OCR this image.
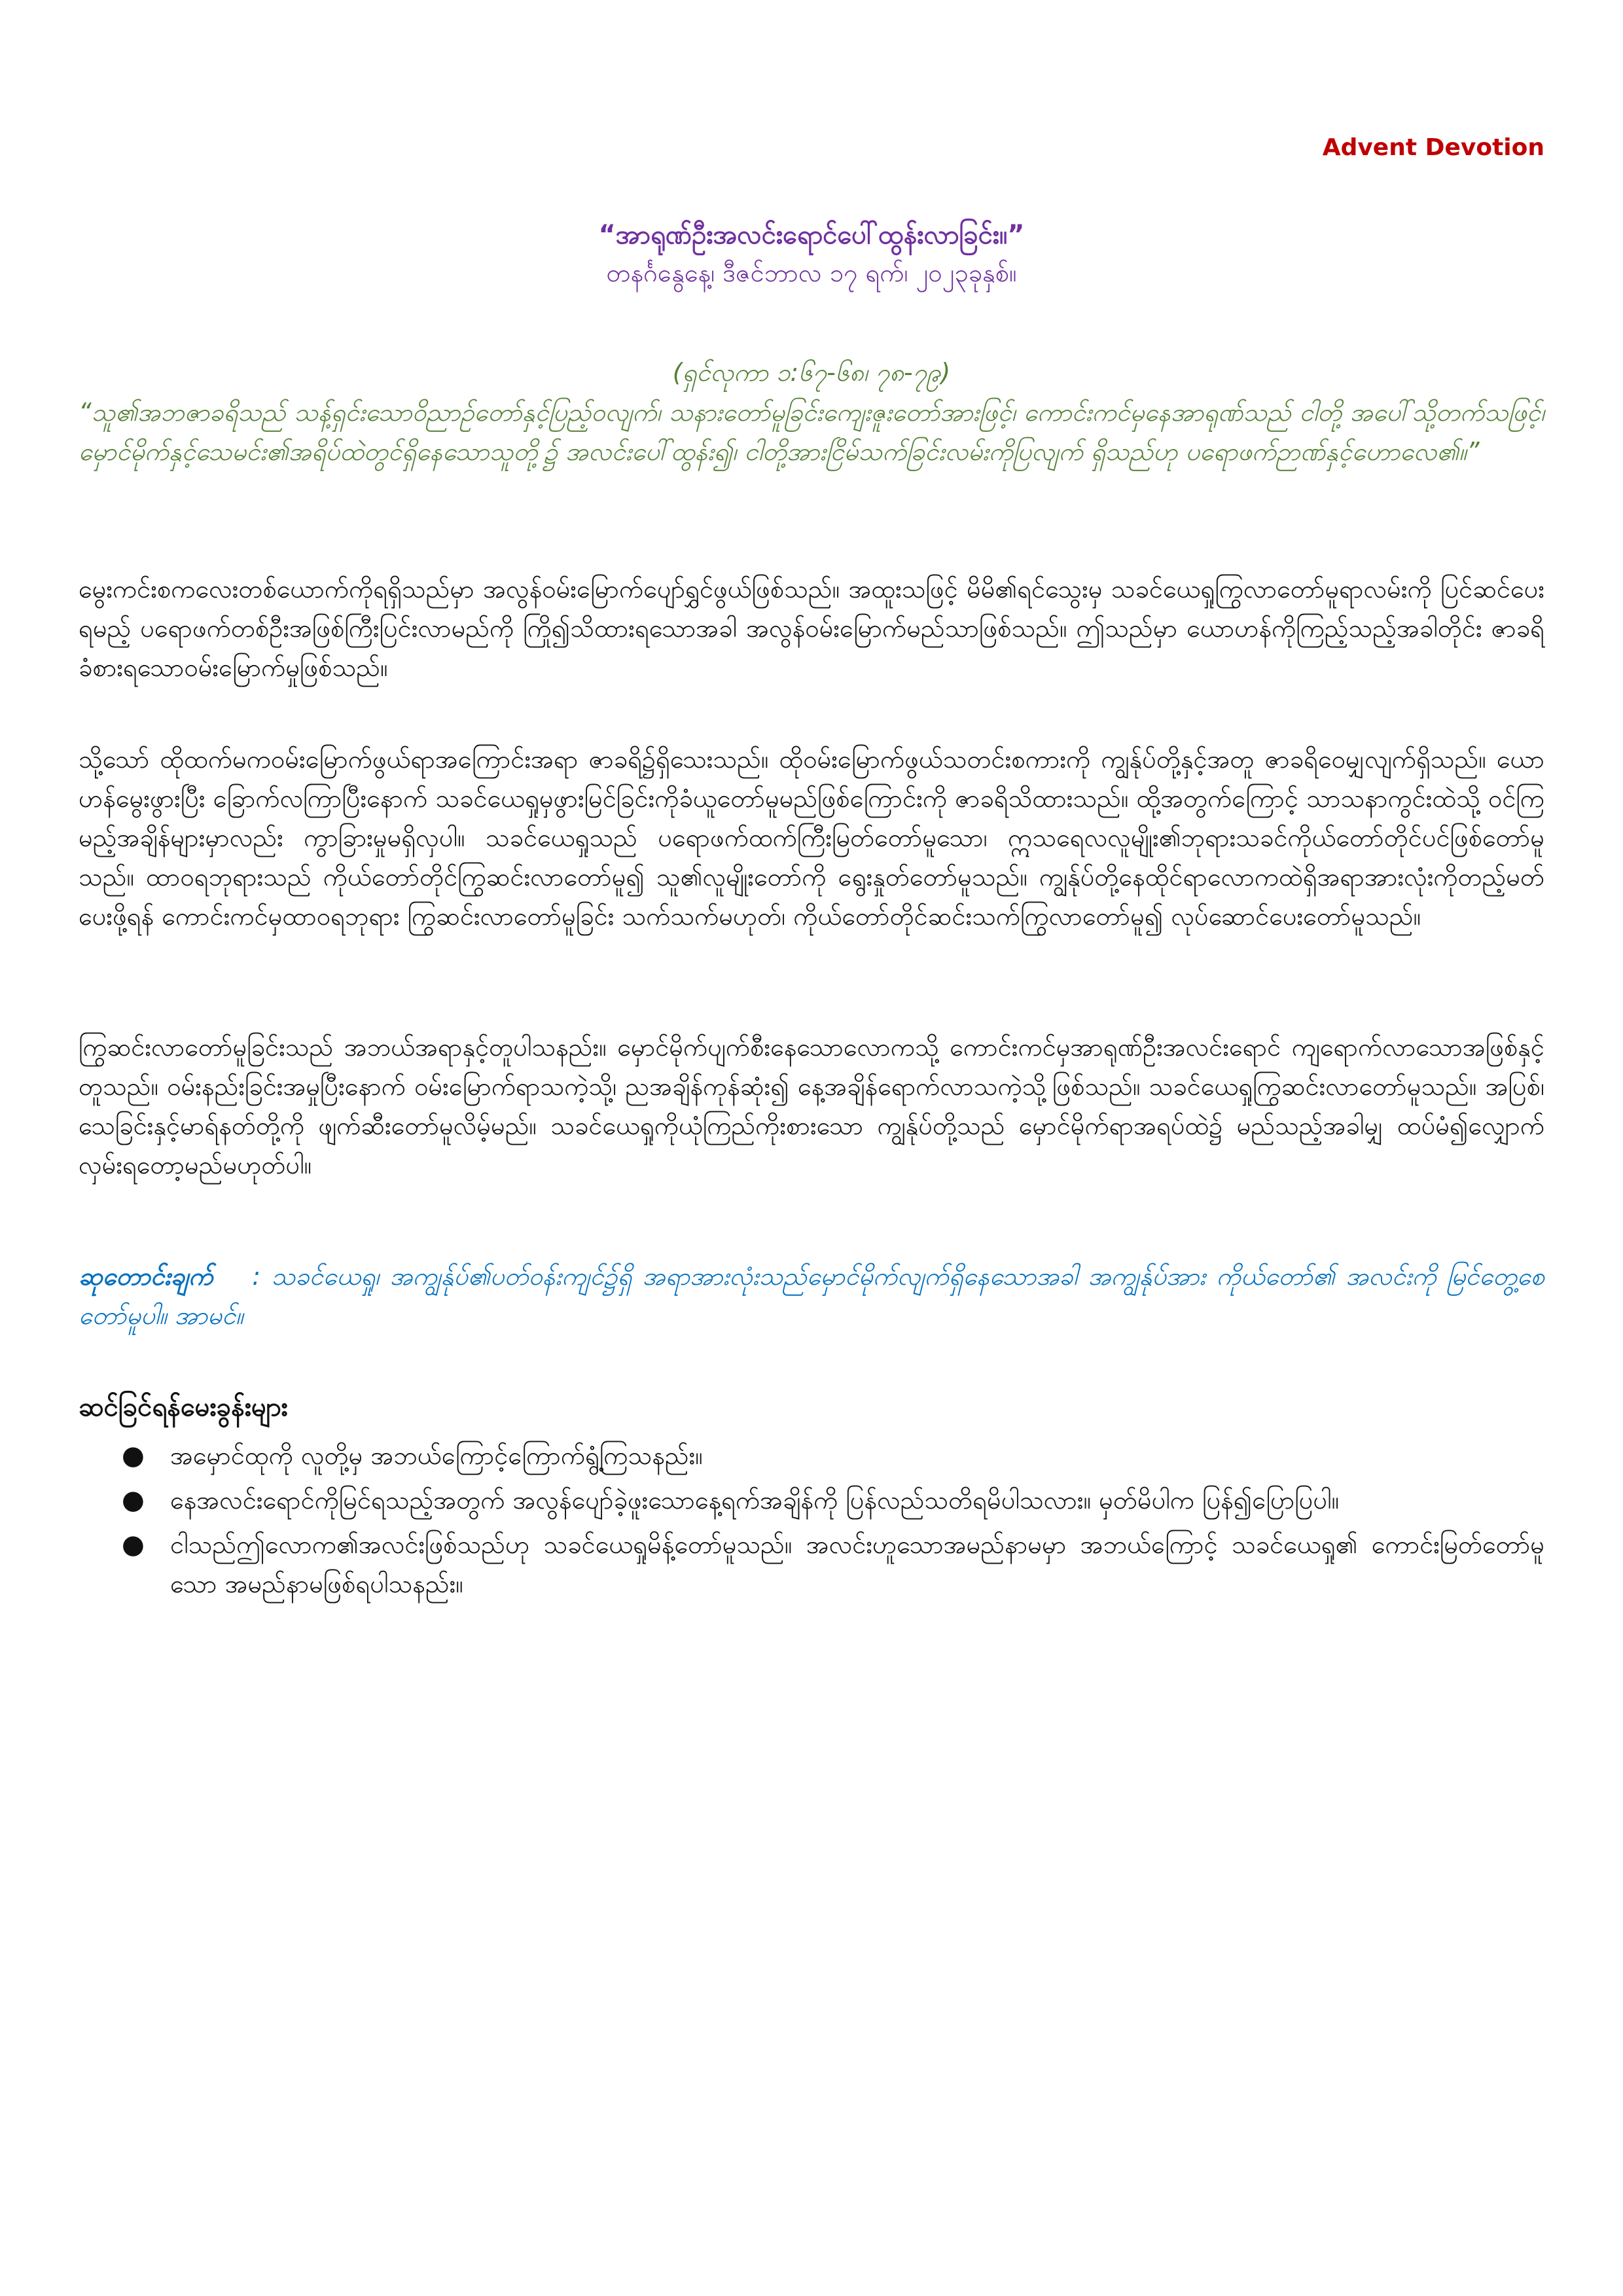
Advent Devotion
“အာရုဏ်ဦးအလင်းရောင်ပေါ်ထွန်းလာခြင်း။”
တနင်္ဂနွေနေ့၊ ဒီဇင်ဘာလ ၁၇ ရက်၊ ၂၀၂၃ခုနှစ်။
(ရှင်လုကာ ၁:၆၇-၆၈၊ ၇၈-၇၉)
“သူ၏အဘဇာခရိသည် သန့်ရှင်းသောဝိညာဉ်တော်နှင့်ပြည့်ဝလျက်၊ သနားတော်မူခြင်းကျေးဇူးတော်အားဖြင့်၊ ကောင်းကင်မှနေအာရုဏ်သည် ငါတို့ အပေါ်သို့တက်သဖြင့်၊ မှောင်မိုက်နှင့်သေမင်း၏အရိပ်ထဲတွင်ရှိနေသောသူတို့၌ အလင်းပေါ်ထွန်း၍၊ ငါတို့အားငြိမ်သက်ခြင်းလမ်းကိုပြလျက် ရှိသည်ဟု ပရောဖက်ဉာဏ်နှင့်ဟောလေ၏။”
မွေးကင်းစကလေးတစ်ယောက်ကိုရရှိသည်မှာ အလွန်ဝမ်းမြောက်ပျော်ရွှင်ဖွယ်ဖြစ်သည်။ အထူးသဖြင့် မိမိ၏ရင်သွေးမှ သခင်ယေရှုကြွလာတော်မူရာလမ်းကို ပြင်ဆင်ပေးရမည့် ပရောဖက်တစ်ဦးအဖြစ်ကြီးပြင်းလာမည်ကို ကြို၍သိထားရသောအခါ အလွန်ဝမ်းမြောက်မည်သာဖြစ်သည်။ ဤသည်မှာ ယောဟန်ကိုကြည့်သည့်အခါတိုင်း ဇာခရိခံစားရသောဝမ်းမြောက်မှုဖြစ်သည်။
သို့သော် ထိုထက်မကဝမ်းမြောက်ဖွယ်ရာအကြောင်းအရာ ဇာခရိ၌ရှိသေးသည်။ ထိုဝမ်းမြောက်ဖွယ်သတင်းစကားကို ကျွန်ုပ်တို့နှင့်အတူ ဇာခရိဝေမျှလျက်ရှိသည်။ ယောဟန်မွေးဖွားပြီး ခြောက်လကြာပြီးနောက် သခင်ယေရှုမှဖွားမြင်ခြင်းကိုခံယူတော်မူမည်ဖြစ်ကြောင်းကို ဇာခရိသိထားသည်။ ထို့အတွက်ကြောင့် သာသနာကွင်းထဲသို့ ဝင်ကြမည့်အချိန်များမှာလည်း ကွာခြားမှုမရှိလှပါ။ သခင်ယေရှုသည် ပရောဖက်ထက်ကြီးမြတ်တော်မူသော၊ ဣသရေလလူမျိုး၏ဘုရားသခင်ကိုယ်တော်တိုင်ပင်ဖြစ်တော်မူသည်။ ထာဝရဘုရားသည် ကိုယ်တော်တိုင်ကြွဆင်းလာတော်မူ၍ သူ၏လူမျိုးတော်ကို ရွေးနှုတ်တော်မူသည်။ ကျွန်ုပ်တို့နေထိုင်ရာလောကထဲရှိအရာအားလုံးကိုတည့်မတ်ပေးဖို့ရန် ကောင်းကင်မှထာဝရဘုရား ကြွဆင်းလာတော်မူခြင်း သက်သက်မဟုတ်၊ ကိုယ်တော်တိုင်ဆင်းသက်ကြွလာတော်မူ၍ လုပ်ဆောင်ပေးတော်မူသည်။
ကြွဆင်းလာတော်မူခြင်းသည် အဘယ်အရာနှင့်တူပါသနည်း။ မှောင်မိုက်ပျက်စီးနေသောလောကသို့ ကောင်းကင်မှအာရုဏ်ဦးအလင်းရောင် ကျရောက်လာသောအဖြစ်နှင့်တူသည်။ ဝမ်းနည်းခြင်းအမှုပြီးနောက် ဝမ်းမြောက်ရာသကဲ့သို့၊ ညအချိန်ကုန်ဆုံး၍ နေ့အချိန်ရောက်လာသကဲ့သို့ဖြစ်သည်။ သခင်ယေရှုကြွဆင်းလာတော်မူသည်။ အပြစ်၊ သေခြင်းနှင့်မာရ်နတ်တို့ကို ဖျက်ဆီးတော်မူလိမ့်မည်။ သခင်ယေရှုကိုယုံကြည်ကိုးစားသော ကျွန်ုပ်တို့သည် မှောင်မိုက်ရာအရပ်ထဲ၌ မည်သည့်အခါမျှ ထပ်မံ၍လျှောက်လှမ်းရတော့မည်မဟုတ်ပါ။
ဆုတောင်းချက် : သခင်ယေရှု၊ အကျွန်ုပ်၏ပတ်ဝန်းကျင်၌ရှိ အရာအားလုံးသည်မှောင်မိုက်လျက်ရှိနေသောအခါ အကျွန်ုပ်အား ကိုယ်တော်၏ အလင်းကို မြင်တွေ့စေတော်မူပါ။ အာမင်။
ဆင်ခြင်ရန်မေးခွန်းများ
● အမှောင်ထုကို လူတို့မှ အဘယ်ကြောင့်ကြောက်ရွံ့ကြသနည်း။
● နေအလင်းရောင်ကိုမြင်ရသည့်အတွက် အလွန်ပျော်ခဲ့ဖူးသောနေ့ရက်အချိန်ကို ပြန်လည်သတိရမိပါသလား။ မှတ်မိပါက ပြန်၍ပြောပြပါ။
● ငါသည်ဤလောက၏အလင်းဖြစ်သည်ဟု သခင်ယေရှုမိန့်တော်မူသည်။ အလင်းဟူသောအမည်နာမမှာ အဘယ်ကြောင့် သခင်ယေရှု၏ ကောင်းမြတ်တော်မူသော အမည်နာမဖြစ်ရပါသနည်း။
